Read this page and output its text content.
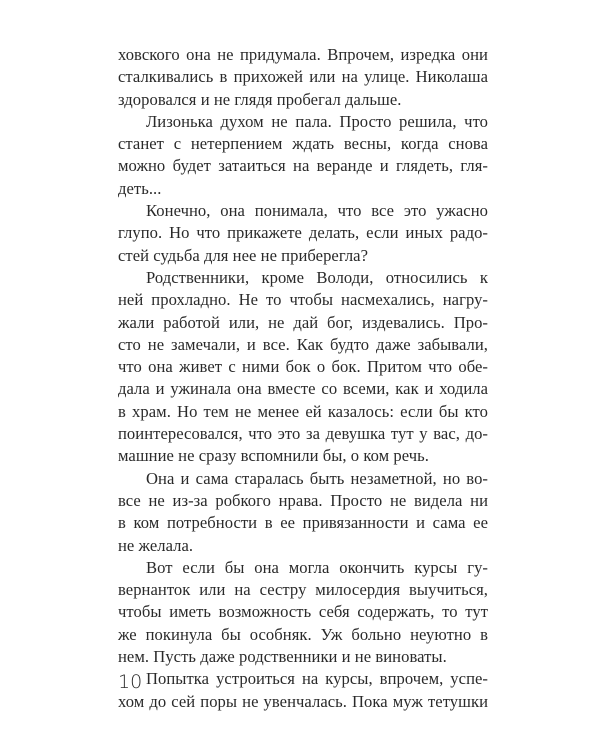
ховского она не придумала. Впрочем, изредка они
сталкивались в прихожей или на улице. Николаша
здоровался и не глядя пробегал дальше.
Лизонька духом не пала. Просто решила, что
станет с нетерпением ждать весны, когда снова
можно будет затаиться на веранде и глядеть, гля-
деть...
Конечно, она понимала, что все это ужасно
глупо. Но что прикажете делать, если иных радо-
стей судьба для нее не приберегла?
Родственники, кроме Володи, относились к
ней прохладно. Не то чтобы насмехались, нагру-
жали работой или, не дай бог, издевались. Про-
сто не замечали, и все. Как будто даже забывали,
что она живет с ними бок о бок. Притом что обе-
дала и ужинала она вместе со всеми, как и ходила
в храм. Но тем не менее ей казалось: если бы кто
поинтересовался, что это за девушка тут у вас, до-
машние не сразу вспомнили бы, о ком речь.
Она и сама старалась быть незаметной, но во-
все не из-за робкого нрава. Просто не видела ни
в ком потребности в ее привязанности и сама ее
не желала.
Вот если бы она могла окончить курсы гу-
вернанток или на сестру милосердия выучиться,
чтобы иметь возможность себя содержать, то тут
же покинула бы особняк. Уж больно неуютно в
нем. Пусть даже родственники и не виноваты.
Попытка устроиться на курсы, впрочем, успе-
хом до сей поры не увенчалась. Пока муж тетушки
10
